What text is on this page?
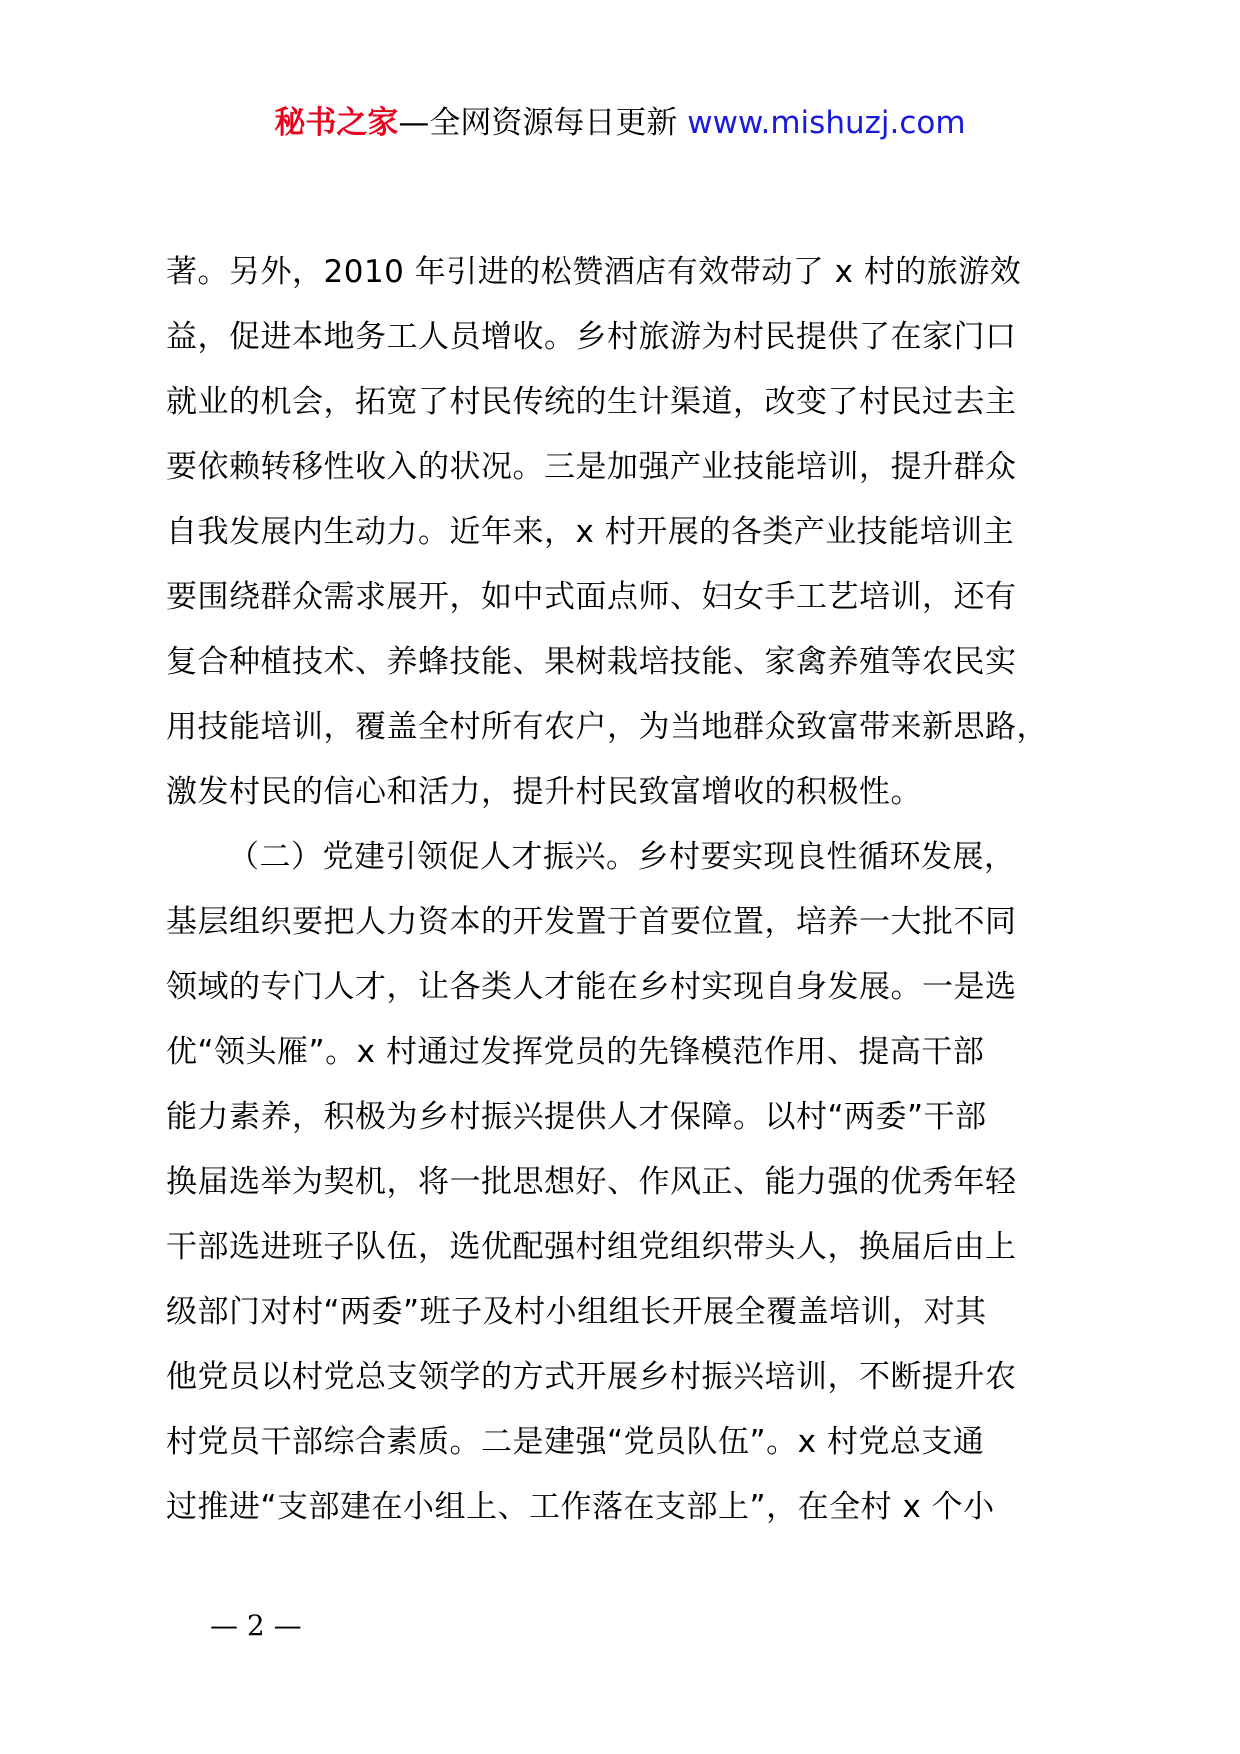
秘书之家—全网资源每日更新 www.mishuzj.com
著。另外，2010 年引进的松赞酒店有效带动了 x 村的旅游效
益，促进本地务工人员增收。乡村旅游为村民提供了在家门口
就业的机会，拓宽了村民传统的生计渠道，改变了村民过去主
要依赖转移性收入的状况。三是加强产业技能培训，提升群众
自我发展内生动力。近年来，x 村开展的各类产业技能培训主
要围绕群众需求展开，如中式面点师、妇女手工艺培训，还有
复合种植技术、养蜂技能、果树栽培技能、家禽养殖等农民实
用技能培训，覆盖全村所有农户，为当地群众致富带来新思路，
激发村民的信心和活力，提升村民致富增收的积极性。
（二）党建引领促人才振兴。乡村要实现良性循环发展，
基层组织要把人力资本的开发置于首要位置，培养一大批不同
领域的专门人才，让各类人才能在乡村实现自身发展。一是选
优“领头雁”。x 村通过发挥党员的先锋模范作用、提高干部
能力素养，积极为乡村振兴提供人才保障。以村“两委”干部
换届选举为契机，将一批思想好、作风正、能力强的优秀年轻
干部选进班子队伍，选优配强村组党组织带头人，换届后由上
级部门对村“两委”班子及村小组组长开展全覆盖培训，对其
他党员以村党总支领学的方式开展乡村振兴培训，不断提升农
村党员干部综合素质。二是建强“党员队伍”。x 村党总支通
过推进“支部建在小组上、工作落在支部上”，在全村 x 个小
— 2 —
